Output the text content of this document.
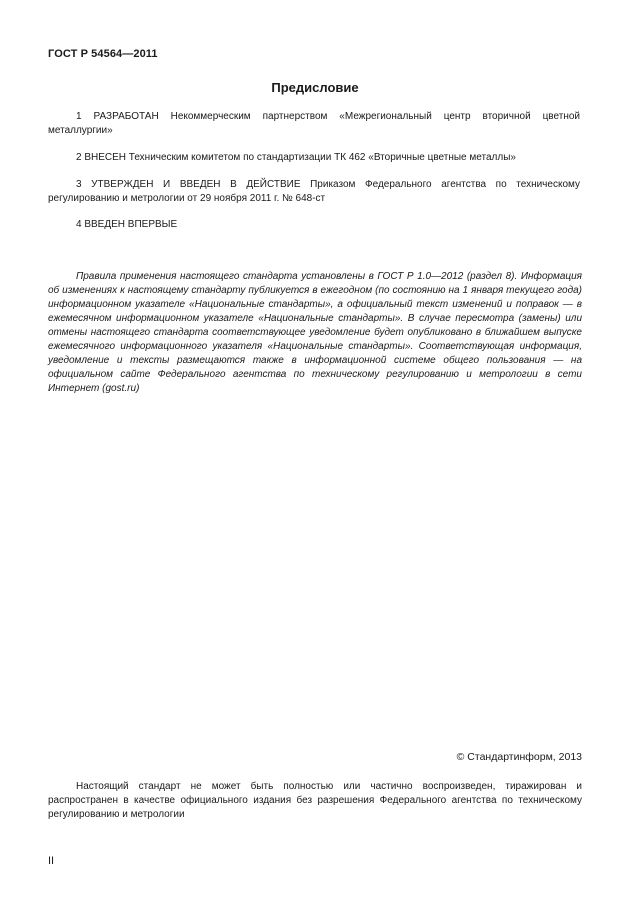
ГОСТ Р 54564—2011
Предисловие
1 РАЗРАБОТАН Некоммерческим партнерством «Межрегиональный центр вторичной цветной металлургии»
2 ВНЕСЕН Техническим комитетом по стандартизации ТК 462 «Вторичные цветные металлы»
3 УТВЕРЖДЕН И ВВЕДЕН В ДЕЙСТВИЕ Приказом Федерального агентства по техническому регулированию и метрологии от 29 ноября 2011 г. № 648-ст
4 ВВЕДЕН ВПЕРВЫЕ
Правила применения настоящего стандарта установлены в ГОСТ Р 1.0—2012 (раздел 8). Информация об изменениях к настоящему стандарту публикуется в ежегодном (по состоянию на 1 января текущего года) информационном указателе «Национальные стандарты», а официальный текст изменений и поправок — в ежемесячном информационном указателе «Национальные стандарты». В случае пересмотра (замены) или отмены настоящего стандарта соответствующее уведомление будет опубликовано в ближайшем выпуске ежемесячного информационного указателя «Национальные стандарты». Соответствующая информация, уведомление и тексты размещаются также в информационной системе общего пользования — на официальном сайте Федерального агентства по техническому регулированию и метрологии в сети Интернет (gost.ru)
© Стандартинформ, 2013
Настоящий стандарт не может быть полностью или частично воспроизведен, тиражирован и распространен в качестве официального издания без разрешения Федерального агентства по техническому регулированию и метрологии
II
